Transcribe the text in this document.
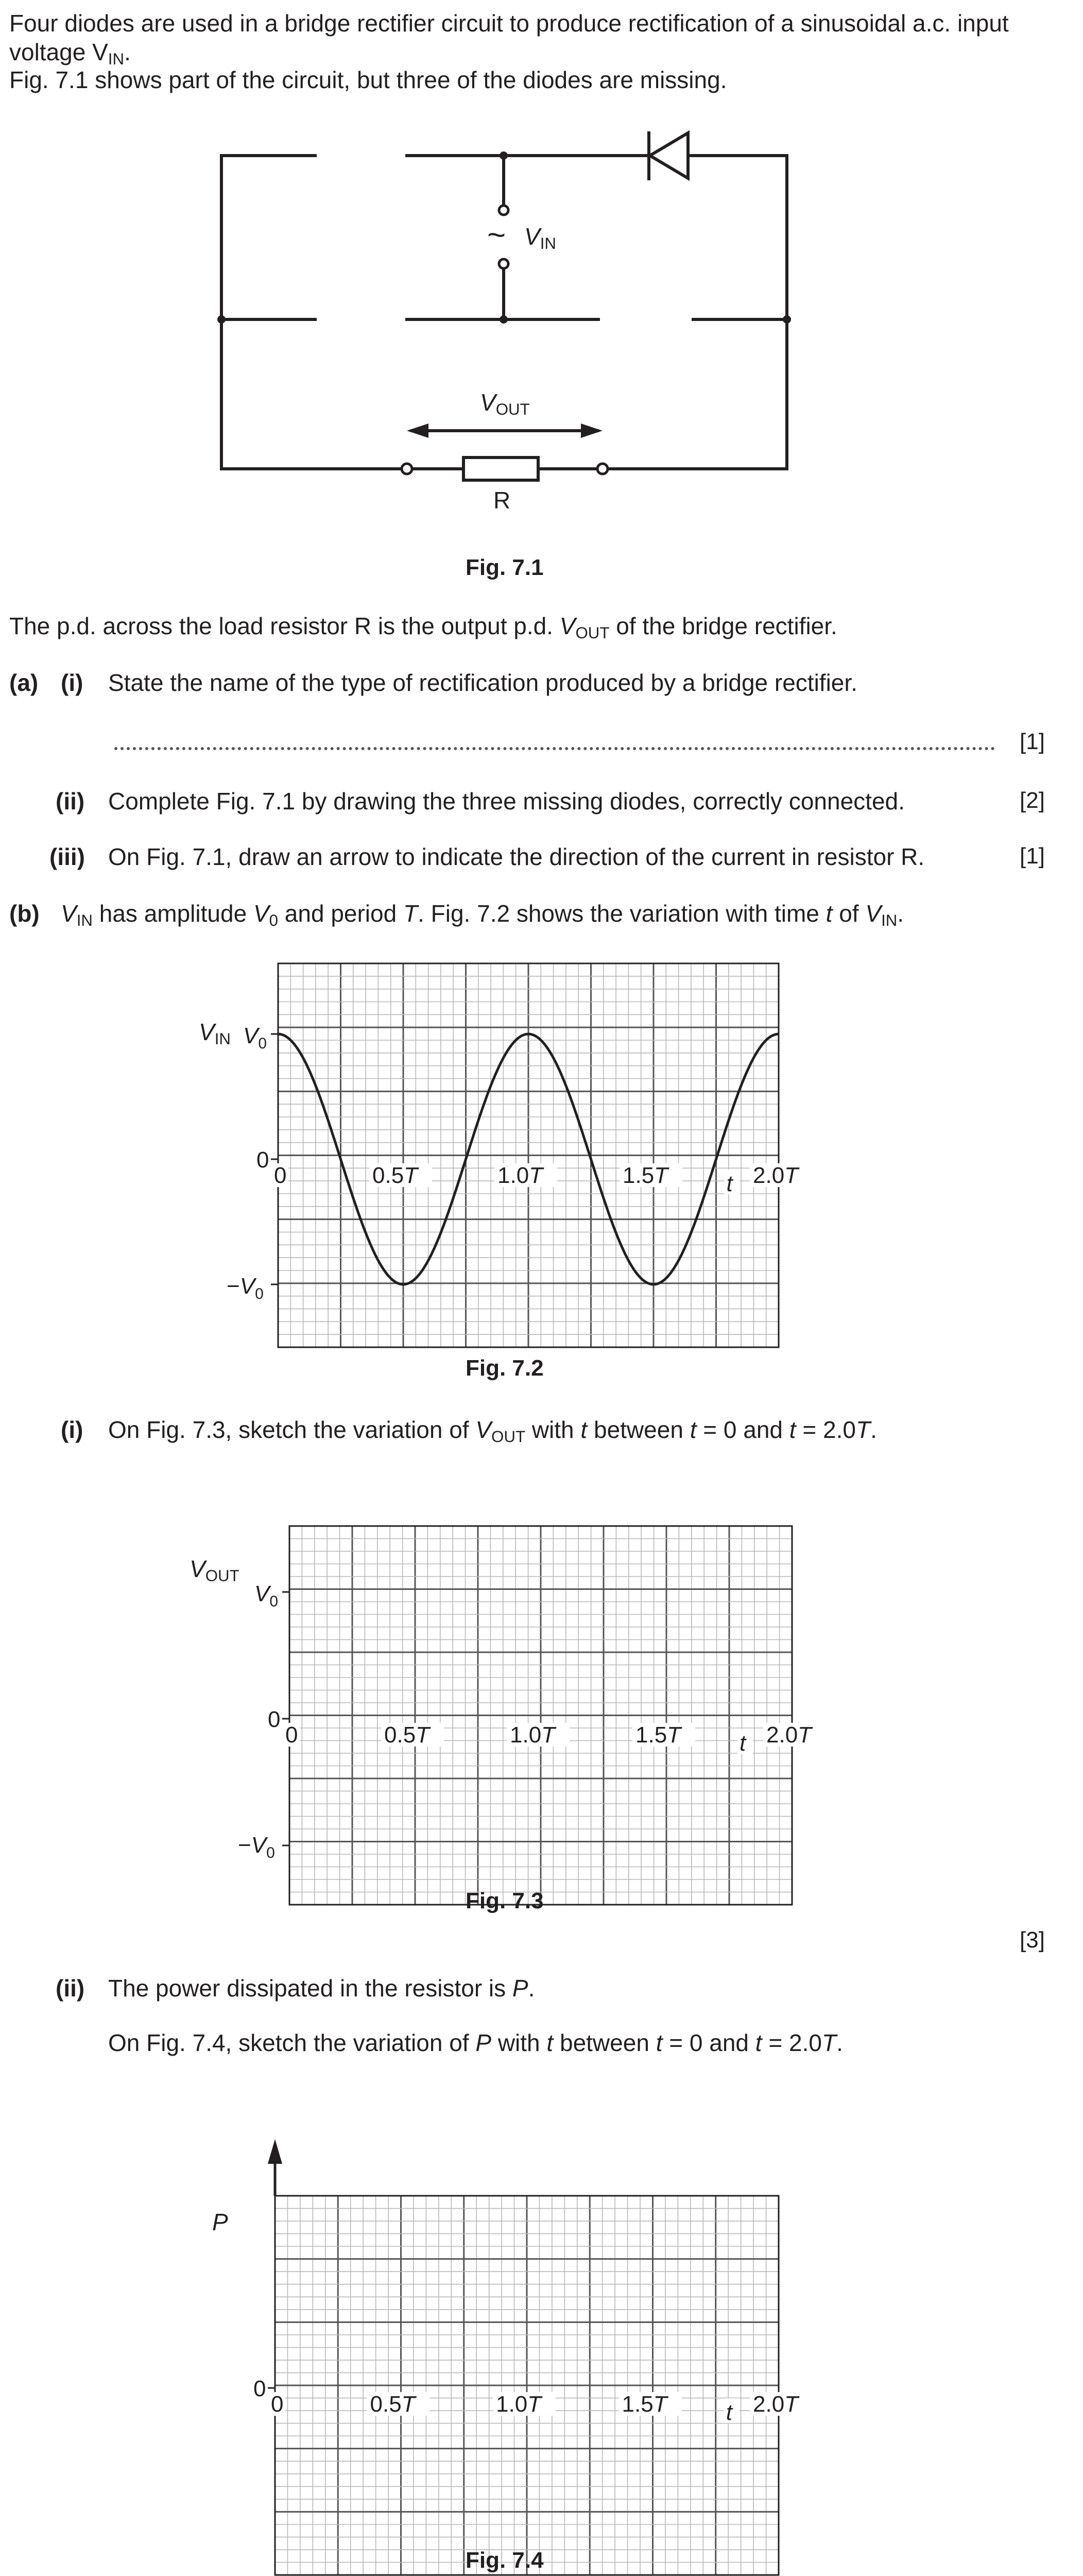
Four diodes are used in a bridge rectifier circuit to produce rectification of a sinusoidal a.c. input
voltage $V_{IN}$.
Fig. 7.1 shows part of the circuit, but three of the diodes are missing.
~ $V_{IN}$
$V_{OUT}$
R
Fig. 7.1
The p.d. across the load resistor R is the output p.d. $V_{OUT}$ of the bridge rectifier.
(a) (i) State the name of the type of rectification produced by a bridge rectifier.
[1]
(ii) Complete Fig. 7.1 by drawing the three missing diodes, correctly connected.	[2]
(iii) On Fig. 7.1, draw an arrow to indicate the direction of the current in resistor R.	[1]
(b) $V_{IN}$ has amplitude $V_0$ and period T. Fig. 7.2 shows the variation with time t of $V_{IN}$.
$V_0$
0
$-V_0$
0	0.5T	1.0T	1.5T	2.0T
t
$V_0$
0
$-V_0$
0	0.5T	1.0T	1.5T	2.0T
t
0
0	0.5T	1.0T	1.5T	2.0T
t
$V_{IN}$
Fig. 7.2
(i) On Fig. 7.3, sketch the variation of $V_{OUT}$ with t between t = 0 and t = 2.0T.
$V_{OUT}$
Fig. 7.3
[3]
(ii) The power dissipated in the resistor is P.
On Fig. 7.4, sketch the variation of P with t between t = 0 and t = 2.0T.
P
Fig. 7.4
